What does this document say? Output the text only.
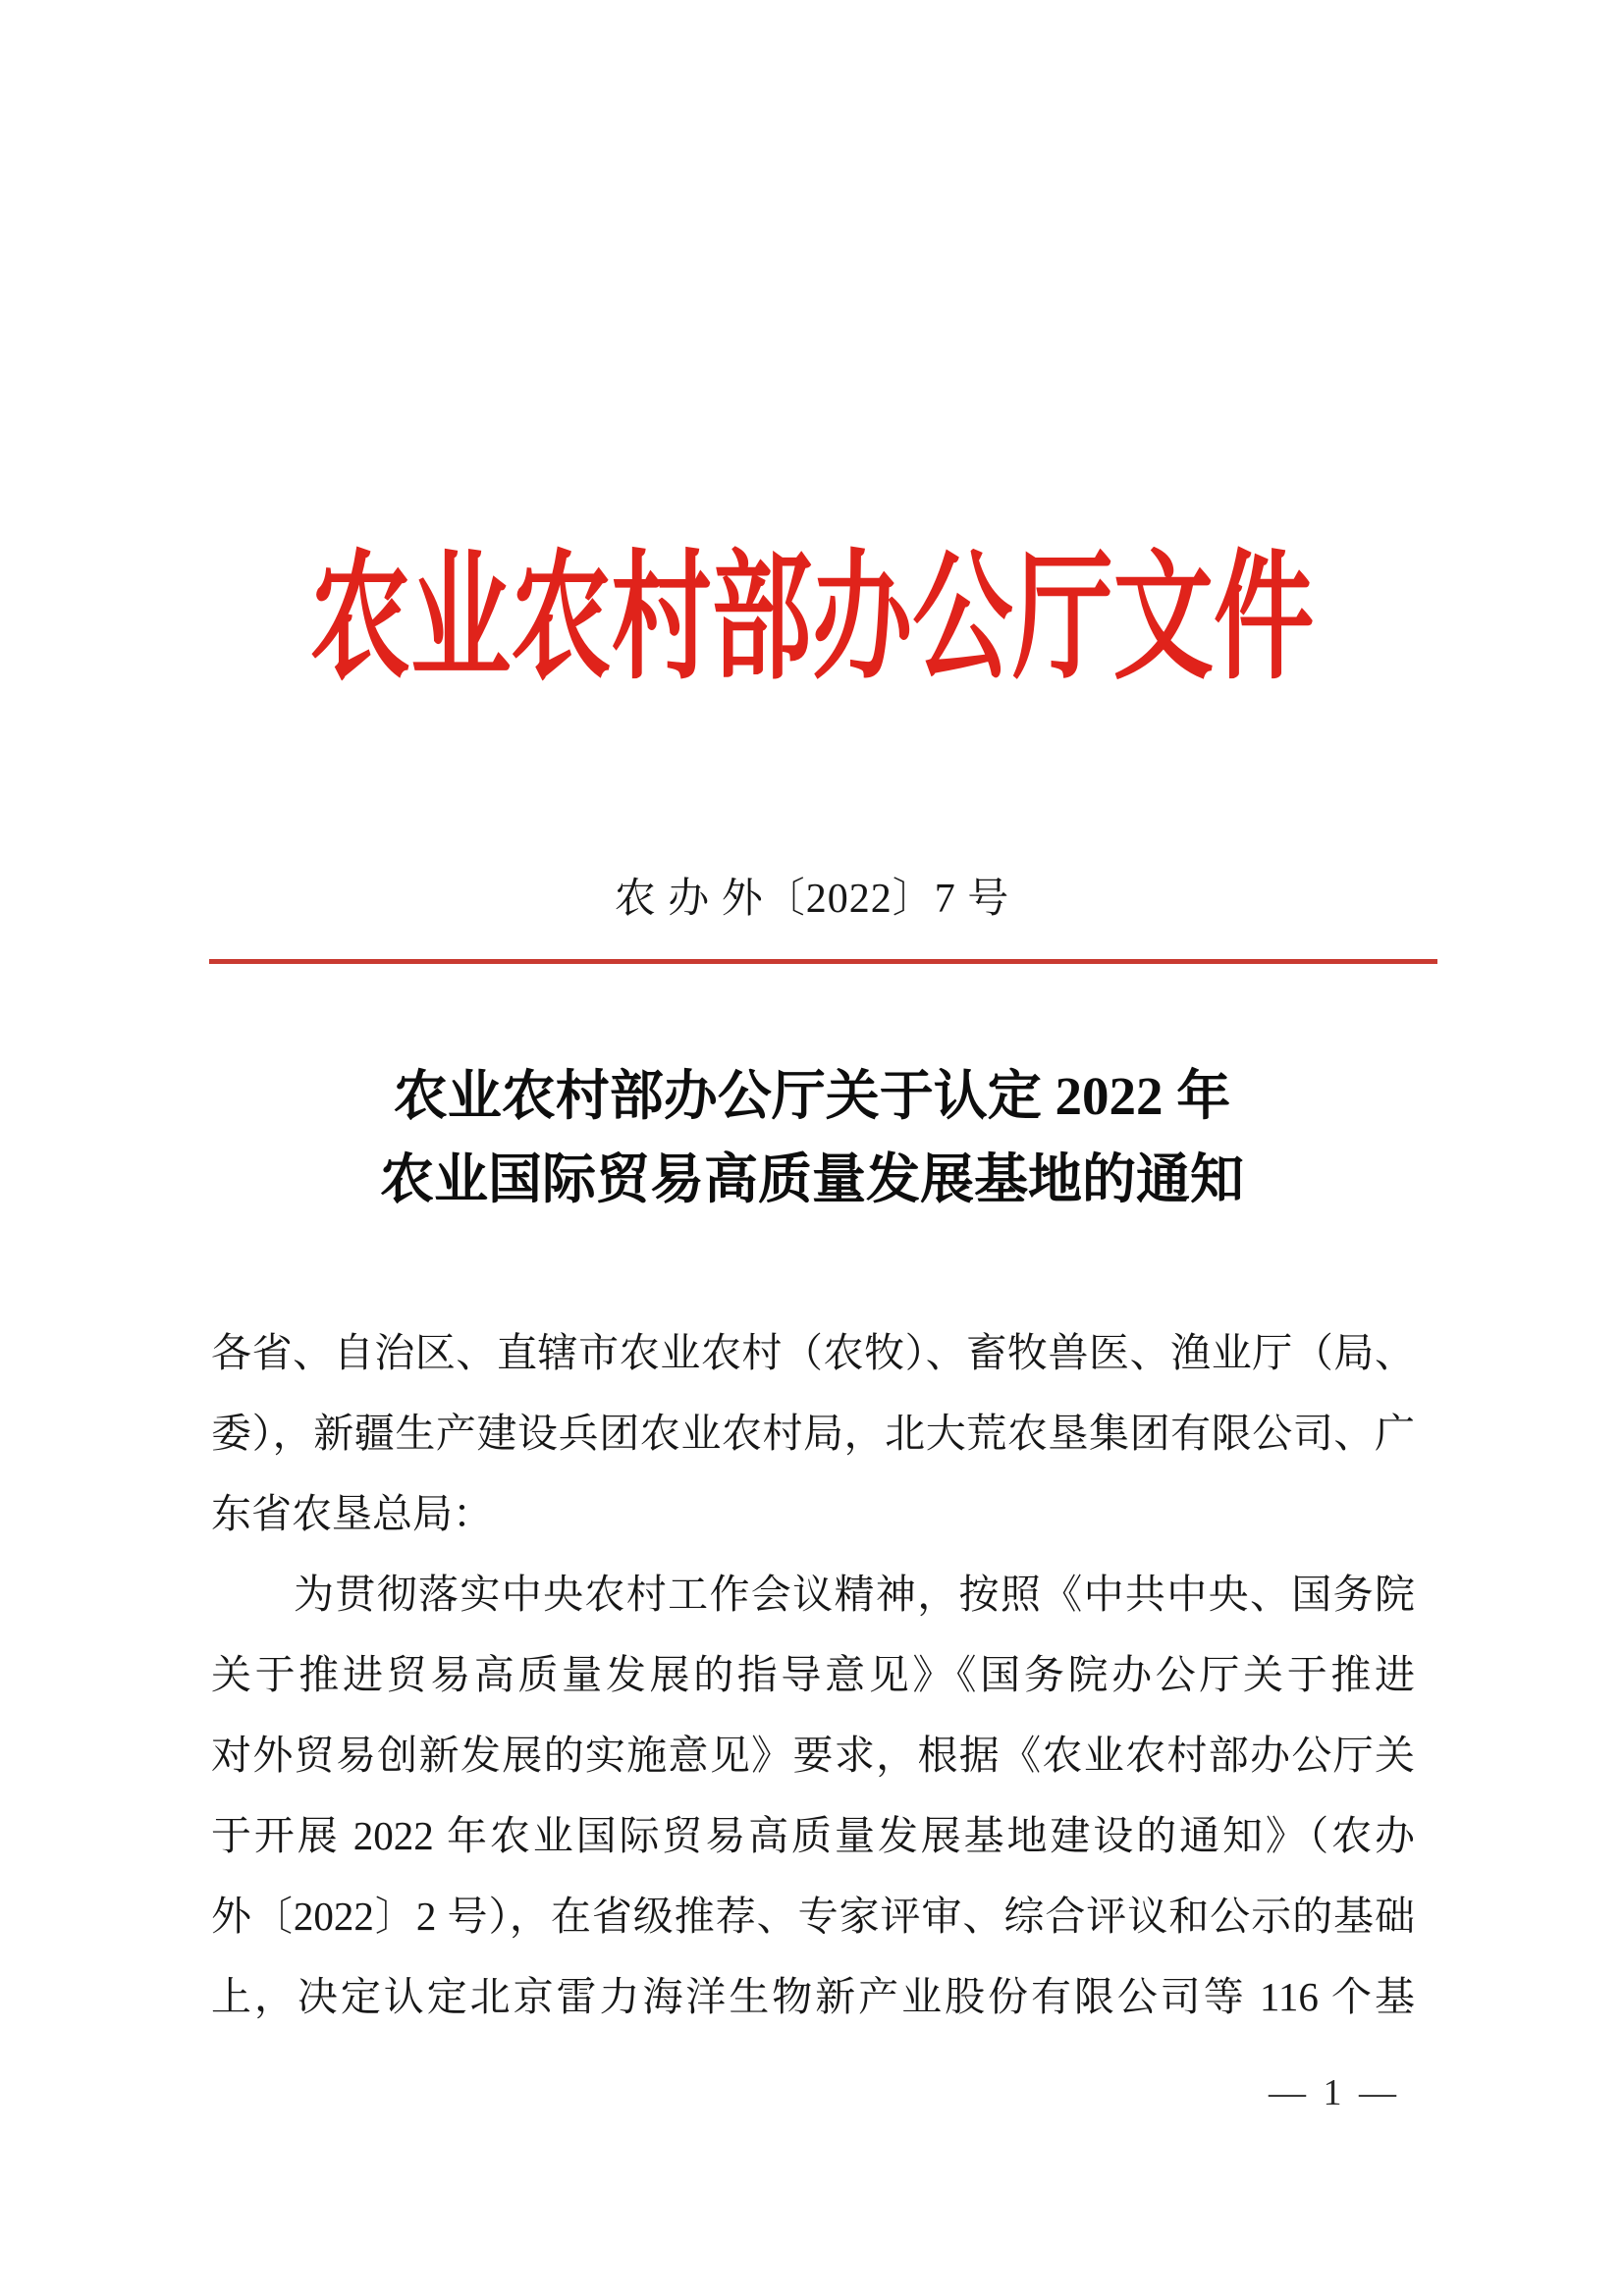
农业农村部办公厅文件
农 办 外〔2022〕7 号
农业农村部办公厅关于认定 2022 年
农业国际贸易高质量发展基地的通知
各省、自治区、直辖市农业农村（农牧）、畜牧兽医、渔业厅（局、
委），新疆生产建设兵团农业农村局，北大荒农垦集团有限公司、广
东省农垦总局：
为贯彻落实中央农村工作会议精神，按照《中共中央、国务院
关于推进贸易高质量发展的指导意见》《国务院办公厅关于推进
对外贸易创新发展的实施意见》要求，根据《农业农村部办公厅关
于开展 2022 年农业国际贸易高质量发展基地建设的通知》（农办
外〔2022〕2 号），在省级推荐、专家评审、综合评议和公示的基础
上，决定认定北京雷力海洋生物新产业股份有限公司等 116 个基
— 1 —
